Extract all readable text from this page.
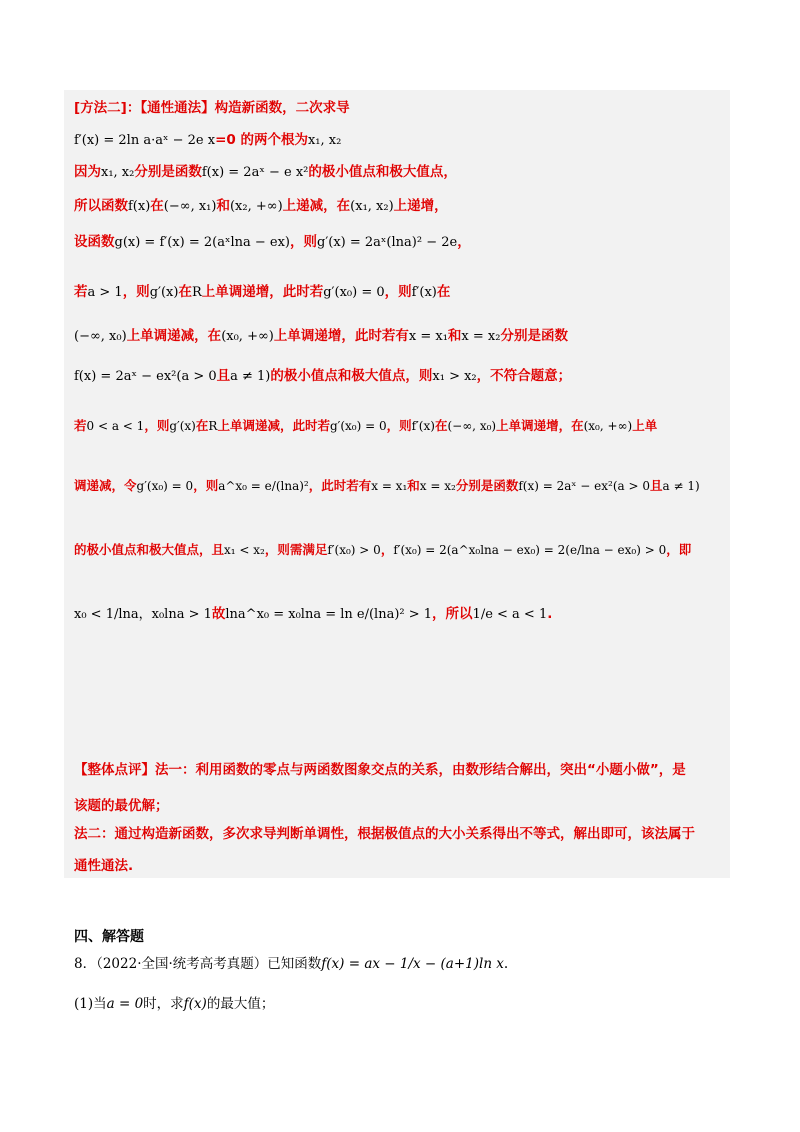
[方法二]：【通性通法】构造新函数，二次求导
f′(x) = 2ln a·aˣ − 2e x=0 的两个根为x₁, x₂
因为x₁, x₂分别是函数f(x) = 2aˣ − e x²的极小值点和极大值点，
所以函数f(x)在(−∞, x₁)和(x₂, +∞)上递减，在(x₁, x₂)上递增，
设函数g(x) = f′(x) = 2(aˣlna − ex)，则g′(x) = 2aˣ(lna)² − 2e，
若a > 1，则g′(x)在R上单调递增，此时若g′(x₀) = 0，则f′(x)在
(−∞, x₀)上单调递减，在(x₀, +∞)上单调递增，此时若有x = x₁和x = x₂分别是函数
f(x) = 2aˣ − ex²(a > 0且a ≠ 1)的极小值点和极大值点，则x₁ > x₂，不符合题意；
若0 < a < 1，则g′(x)在R上单调递减，此时若g′(x₀) = 0，则f′(x)在(−∞, x₀)上单调递增，在(x₀, +∞)上单
调递减，令g′(x₀) = 0，则a^x₀ = e/(lna)²，此时若有x = x₁和x = x₂分别是函数f(x) = 2aˣ − ex²(a > 0且a ≠ 1)
的极小值点和极大值点，且x₁ < x₂，则需满足f′(x₀) > 0，f′(x₀) = 2(a^x₀lna − ex₀) = 2(e/lna − ex₀) > 0，即
x₀ < 1/lna，x₀lna > 1故lna^x₀ = x₀lna = ln e/(lna)² > 1，所以1/e < a < 1.
【整体点评】法一：利用函数的零点与两函数图象交点的关系，由数形结合解出，突出“小题小做”，是
该题的最优解；
法二：通过构造新函数，多次求导判断单调性，根据极值点的大小关系得出不等式，解出即可，该法属于
通性通法.
四、解答题
8．（2022·全国·统考高考真题）已知函数f(x) = ax − 1/x − (a+1)ln x.
(1)当a = 0时，求f(x)的最大值；
